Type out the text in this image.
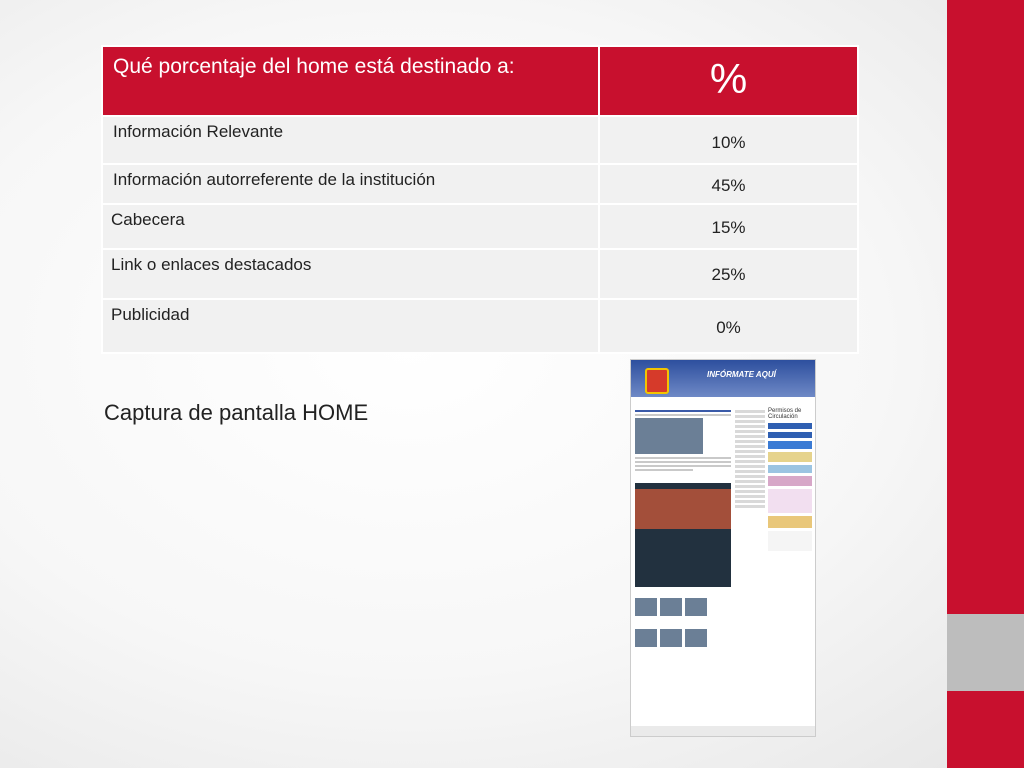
Qué porcentaje del home está destinado a:	%

Información Relevante	10%

Información autorreferente de la institución	45%

Cabecera	15%

Link o enlaces destacados	25%

Publicidad	0%
Captura de pantalla HOME
INFÓRMATE AQUÍ
Permisos de Circulación
